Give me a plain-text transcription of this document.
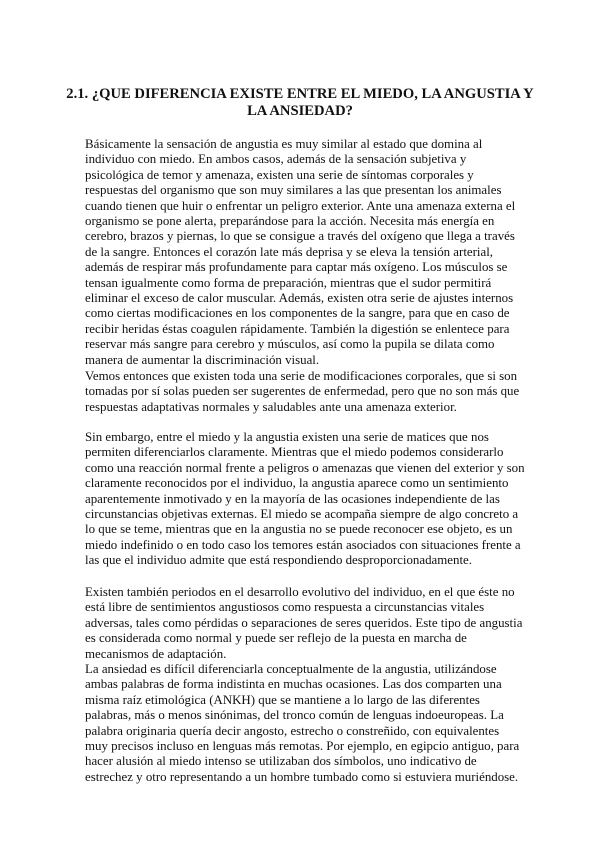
2.1. ¿QUE DIFERENCIA EXISTE ENTRE EL MIEDO, LA ANGUSTIA Y LA ANSIEDAD?

Básicamente la sensación de angustia es muy similar al estado que domina al individuo con miedo. En ambos casos, además de la sensación subjetiva y psicológica de temor y amenaza, existen una serie de síntomas corporales y respuestas del organismo que son muy similares a las que presentan los animales cuando tienen que huir o enfrentar un peligro exterior. Ante una amenaza externa el organismo se pone alerta, preparándose para la acción. Necesita más energía en cerebro, brazos y piernas, lo que se consigue a través del oxígeno que llega a través de la sangre. Entonces el corazón late más deprisa y se eleva la tensión arterial, además de respirar más profundamente para captar más oxígeno. Los músculos se tensan igualmente como forma de preparación, mientras que el sudor permitirá eliminar el exceso de calor muscular. Además, existen otra serie de ajustes internos como ciertas modificaciones en los componentes de la sangre, para que en caso de recibir heridas éstas coagulen rápidamente. También la digestión se enlentece para reservar más sangre para cerebro y músculos, así como la pupila se dilata como manera de aumentar la discriminación visual.

Vemos entonces que existen toda una serie de modificaciones corporales, que si son tomadas por sí solas pueden ser sugerentes de enfermedad, pero que no son más que respuestas adaptativas normales y saludables ante una amenaza exterior.

Sin embargo, entre el miedo y la angustia existen una serie de matices que nos permiten diferenciarlos claramente. Mientras que el miedo podemos considerarlo como una reacción normal frente a peligros o amenazas que vienen del exterior y son claramente reconocidos por el individuo, la angustia aparece como un sentimiento aparentemente inmotivado y en la mayoría de las ocasiones independiente de las circunstancias objetivas externas. El miedo se acompaña siempre de algo concreto a lo que se teme, mientras que en la angustia no se puede reconocer ese objeto, es un miedo indefinido o en todo caso los temores están asociados con situaciones frente a las que el individuo admite que está respondiendo desproporcionadamente.

Existen también periodos en el desarrollo evolutivo del individuo, en el que éste no está libre de sentimientos angustiosos como respuesta a circunstancias vitales adversas, tales como pérdidas o separaciones de seres queridos. Este tipo de angustia es considerada como normal y puede ser reflejo de la puesta en marcha de mecanismos de adaptación.

La ansiedad es difícil diferenciarla conceptualmente de la angustia, utilizándose ambas palabras de forma indistinta en muchas ocasiones. Las dos comparten una misma raíz etimológica (ANKH) que se mantiene a lo largo de las diferentes palabras, más o menos sinónimas, del tronco común de lenguas indoeuropeas. La palabra originaria quería decir angosto, estrecho o constreñido, con equivalentes muy precisos incluso en lenguas más remotas. Por ejemplo, en egipcio antiguo, para hacer alusión al miedo intenso se utilizaban dos símbolos, uno indicativo de estrechez y otro representando a un hombre tumbado como si estuviera muriéndose.
